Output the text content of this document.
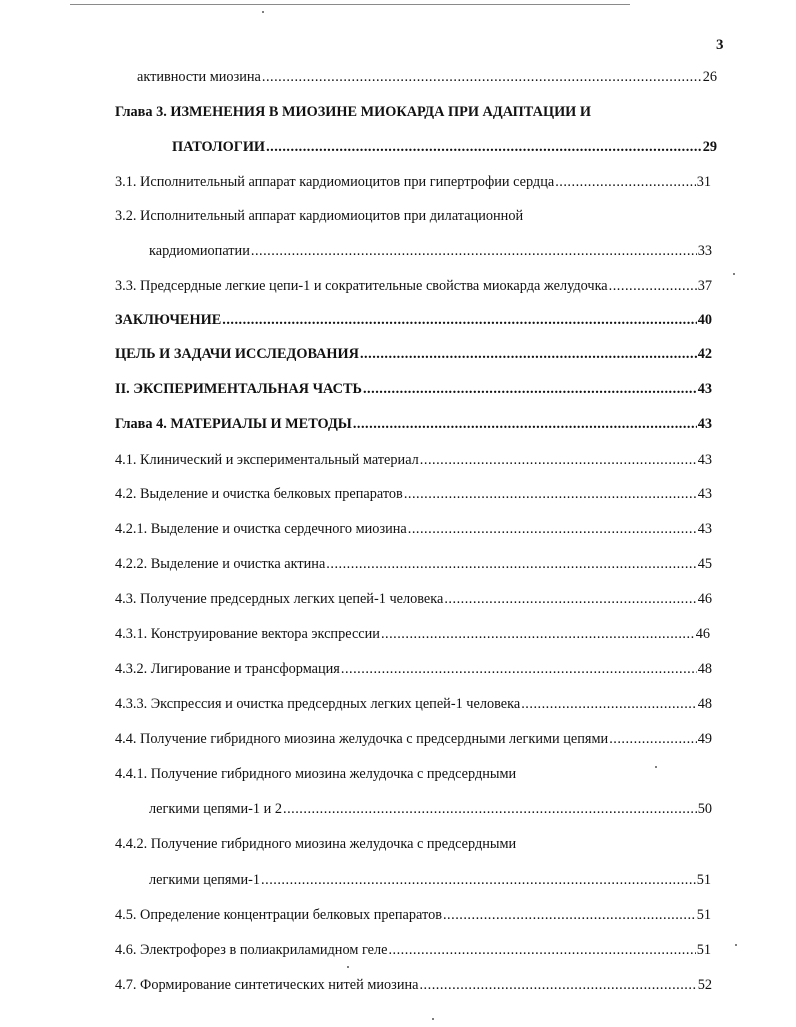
3
активности миозина .....	26
Глава 3. ИЗМЕНЕНИЯ В МИОЗИНЕ МИОКАРДА ПРИ АДАПТАЦИИ И
ПАТОЛОГИИ .....	29
3.1. Исполнительный аппарат кардиомиоцитов при гипертрофии сердца .....	31
3.2. Исполнительный аппарат кардиомиоцитов при дилатационной
кардиомиопатии .....	33
3.3. Предсердные легкие цепи-1 и сократительные свойства миокарда желудочка .....	37
ЗАКЛЮЧЕНИЕ .....	40
ЦЕЛЬ И ЗАДАЧИ ИССЛЕДОВАНИЯ .....	42
II. ЭКСПЕРИМЕНТАЛЬНАЯ ЧАСТЬ .....	43
Глава 4. МАТЕРИАЛЫ И МЕТОДЫ .....	43
4.1. Клинический и экспериментальный материал .....	43
4.2. Выделение и очистка белковых препаратов .....	43
4.2.1. Выделение и очистка сердечного миозина .....	43
4.2.2. Выделение и очистка актина .....	45
4.3. Получение предсердных легких цепей-1 человека .....	46
4.3.1. Конструирование вектора экспрессии .....	46
4.3.2. Лигирование и трансформация .....	48
4.3.3. Экспрессия и очистка предсердных легких цепей-1 человека .....	48
4.4. Получение гибридного миозина желудочка с предсердными легкими цепями .....	49
4.4.1. Получение гибридного миозина желудочка с предсердными
легкими цепями-1 и 2 .....	50
4.4.2. Получение гибридного миозина желудочка с предсердными
легкими цепями-1 .....	51
4.5. Определение концентрации белковых препаратов .....	51
4.6. Электрофорез в полиакриламидном геле .....	51
4.7. Формирование синтетических нитей миозина .....	52
